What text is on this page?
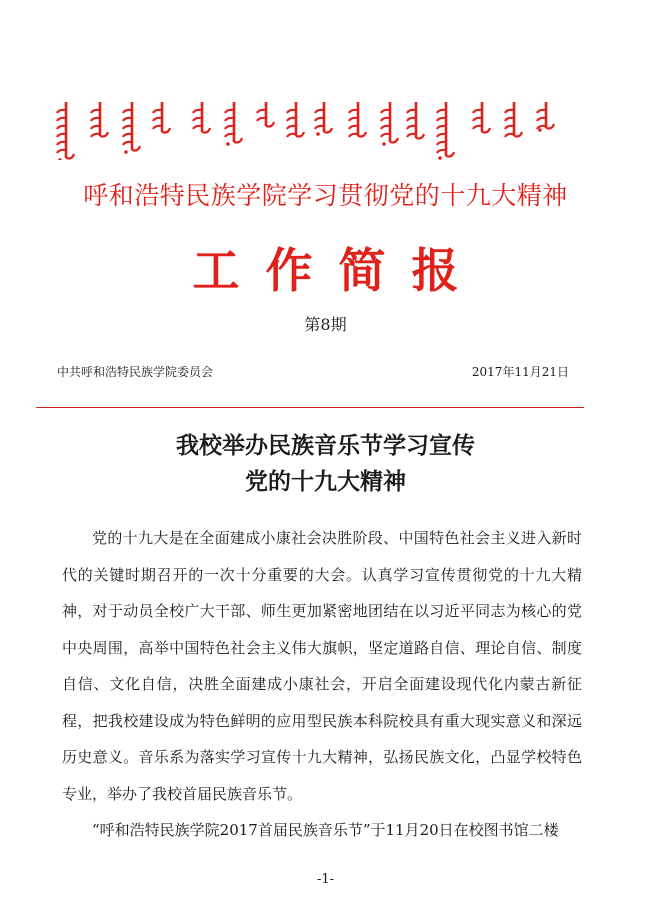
呼和浩特民族学院学习贯彻党的十九大精神
工作简报
第8期
中共呼和浩特民族学院委员会	2017年11月21日
我校举办民族音乐节学习宣传
党的十九大精神

党的十九大是在全面建成小康社会决胜阶段、中国特色社会主义进入新时代的关键时期召开的一次十分重要的大会。认真学习宣传贯彻党的十九大精神，对于动员全校广大干部、师生更加紧密地团结在以习近平同志为核心的党中央周围，高举中国特色社会主义伟大旗帜，坚定道路自信、理论自信、制度自信、文化自信，决胜全面建成小康社会，开启全面建设现代化内蒙古新征程，把我校建设成为特色鲜明的应用型民族本科院校具有重大现实意义和深远历史意义。音乐系为落实学习宣传十九大精神，弘扬民族文化，凸显学校特色专业，举办了我校首届民族音乐节。

“呼和浩特民族学院2017首届民族音乐节”于11月20日在校图书馆二楼

-1-
